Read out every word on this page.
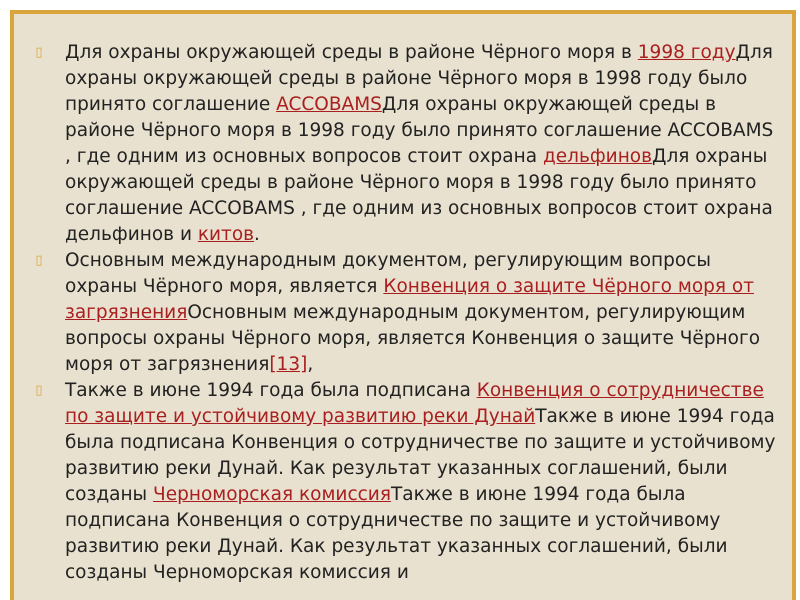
▯ Для охраны окружающей среды в районе Чёрного моря в 1998 годуДля охраны окружающей среды в районе Чёрного моря в 1998 году было принято соглашение ACCOBAMSДля охраны окружающей среды в районе Чёрного моря в 1998 году было принято соглашение ACCOBAMS , где одним из основных вопросов стоит охрана дельфиновДля охраны окружающей среды в районе Чёрного моря в 1998 году было принято соглашение ACCOBAMS , где одним из основных вопросов стоит охрана дельфинов и китов.
▯ Основным международным документом, регулирующим вопросы охраны Чёрного моря, является Конвенция о защите Чёрного моря от загрязненияОсновным международным документом, регулирующим вопросы охраны Чёрного моря, является Конвенция о защите Чёрного моря от загрязнения[13],
▯ Также в июне 1994 года была подписана Конвенция о сотрудничестве по защите и устойчивому развитию реки ДунайТакже в июне 1994 года была подписана Конвенция о сотрудничестве по защите и устойчивому развитию реки Дунай. Как результат указанных соглашений, были созданы Черноморская комиссияТакже в июне 1994 года была подписана Конвенция о сотрудничестве по защите и устойчивому развитию реки Дунай. Как результат указанных соглашений, были созданы Черноморская комиссия и
